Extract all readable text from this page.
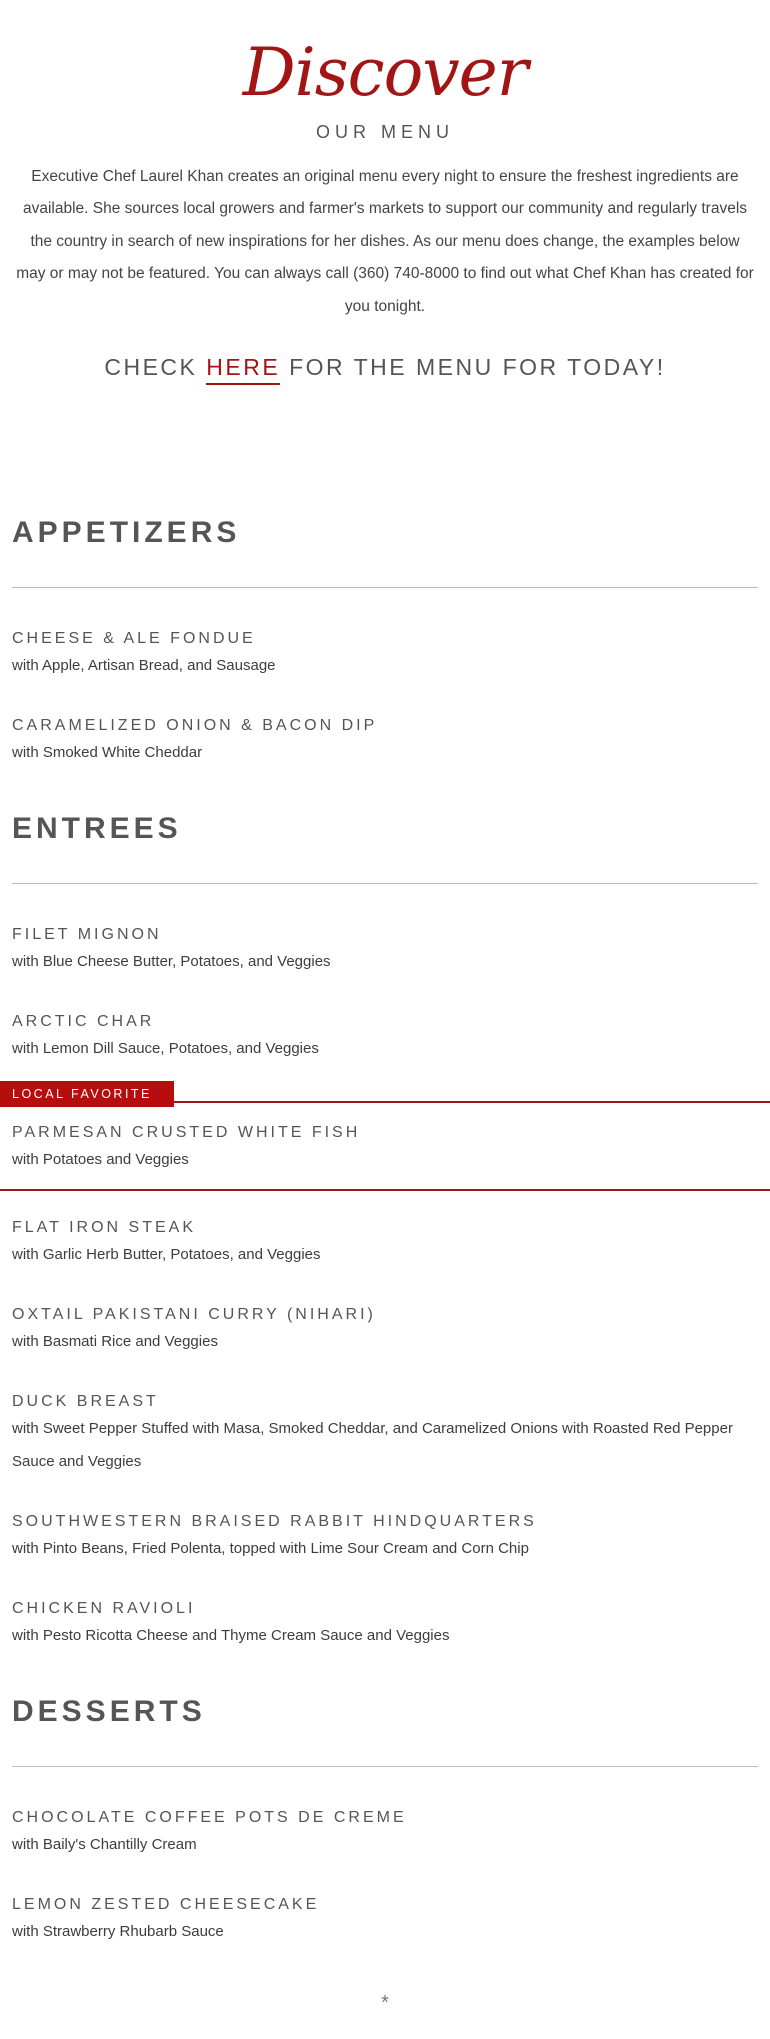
Discover
OUR MENU

Executive Chef Laurel Khan creates an original menu every night to ensure the freshest ingredients are available. She sources local growers and farmer's markets to support our community and regularly travels the country in search of new inspirations for her dishes. As our menu does change, the examples below may or may not be featured. You can always call (360) 740-8000 to find out what Chef Khan has created for you tonight.

CHECK HERE FOR THE MENU FOR TODAY!
APPETIZERS
CHEESE & ALE FONDUE
with Apple, Artisan Bread, and Sausage
CARAMELIZED ONION & BACON DIP
with Smoked White Cheddar
ENTREES
FILET MIGNON
with Blue Cheese Butter, Potatoes, and Veggies
ARCTIC CHAR
with Lemon Dill Sauce, Potatoes, and Veggies
LOCAL FAVORITE
PARMESAN CRUSTED WHITE FISH
with Potatoes and Veggies
FLAT IRON STEAK
with Garlic Herb Butter, Potatoes, and Veggies
OXTAIL PAKISTANI CURRY (NIHARI)
with Basmati Rice and Veggies
DUCK BREAST
with Sweet Pepper Stuffed with Masa, Smoked Cheddar, and Caramelized Onions with Roasted Red Pepper Sauce and Veggies
SOUTHWESTERN BRAISED RABBIT HINDQUARTERS
with Pinto Beans, Fried Polenta, topped with Lime Sour Cream and Corn Chip
CHICKEN RAVIOLI
with Pesto Ricotta Cheese and Thyme Cream Sauce and Veggies
DESSERTS
CHOCOLATE COFFEE POTS DE CREME
with Baily's Chantilly Cream
LEMON ZESTED CHEESECAKE
with Strawberry Rhubarb Sauce
*
